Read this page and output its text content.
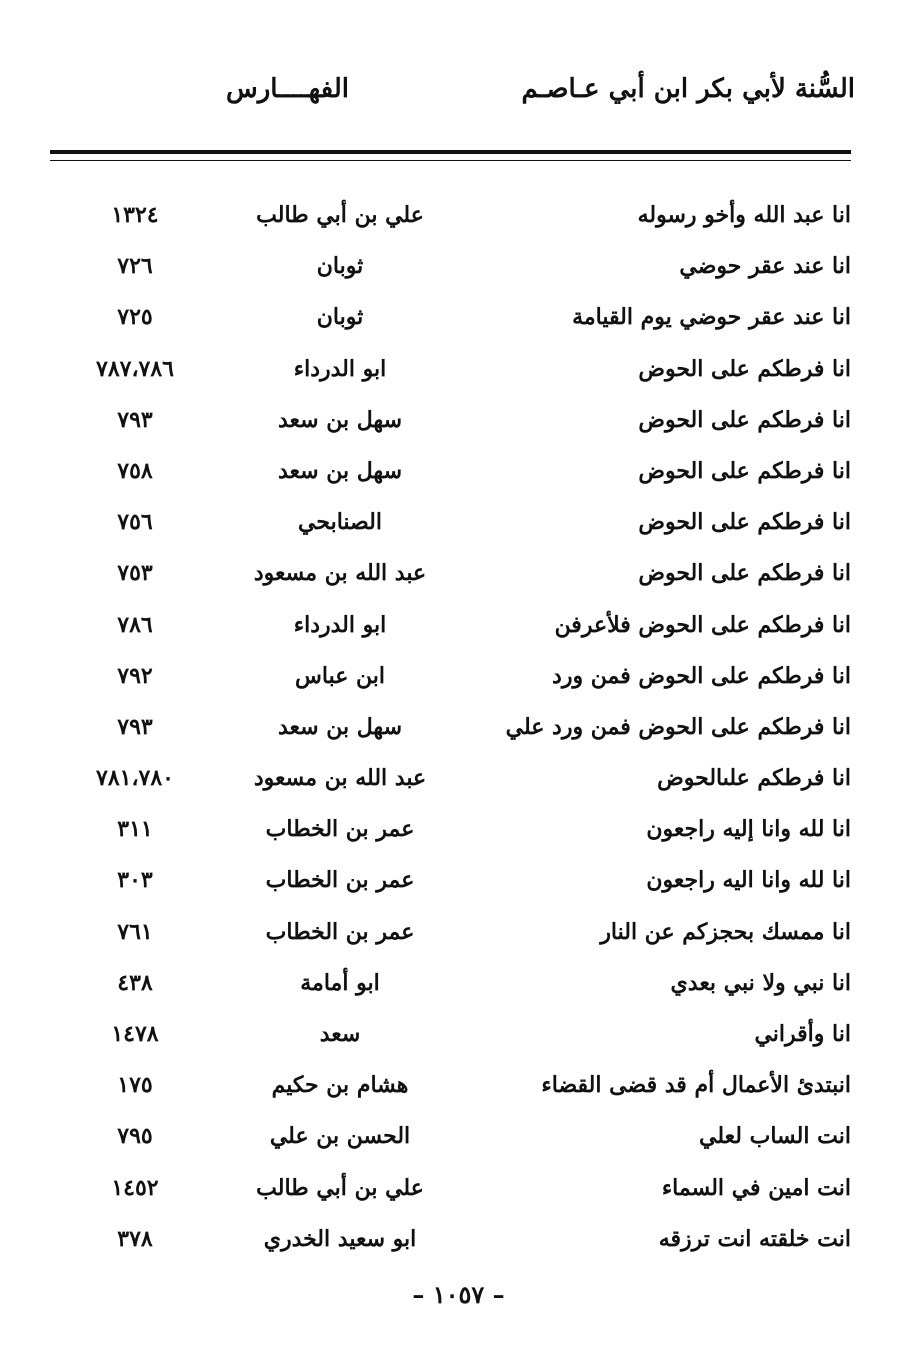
السُّنة لأبي بكر ابن أبي عـاصـم
الفهــــارس
انا عبد الله وأخو رسوله
علي بن أبي طالب
١٣٢٤
انا عند عقر حوضي
ثوبان
٧٢٦
انا عند عقر حوضي يوم القيامة
ثوبان
٧٢٥
انا فرطكم على الحوض
ابو الدرداء
٧٨٧،٧٨٦
انا فرطكم على الحوض
سهل بن سعد
٧٩٣
انا فرطكم على الحوض
سهل بن سعد
٧٥٨
انا فرطكم على الحوض
الصنابحي
٧٥٦
انا فرطكم على الحوض
عبد الله بن مسعود
٧٥٣
انا فرطكم على الحوض فلأعرفن
ابو الدرداء
٧٨٦
انا فرطكم على الحوض فمن ورد
ابن عباس
٧٩٢
انا فرطكم على الحوض فمن ورد علي
سهل بن سعد
٧٩٣
انا فرطكم علىالحوض
عبد الله بن مسعود
٧٨١،٧٨٠
انا لله وانا إليه راجعون
عمر بن الخطاب
٣١١
انا لله وانا اليه راجعون
عمر بن الخطاب
٣٠٣
انا ممسك بحجزكم عن النار
عمر بن الخطاب
٧٦١
انا نبي ولا نبي بعدي
ابو أمامة
٤٣٨
انا وأقراني
سعد
١٤٧٨
انبتدئ الأعمال أم قد قضى القضاء
هشام بن حكيم
١٧٥
انت الساب لعلي
الحسن بن علي
٧٩٥
انت امين في السماء
علي بن أبي طالب
١٤٥٢
انت خلقته انت ترزقه
ابو سعيد الخدري
٣٧٨
– ١٠٥٧ –
